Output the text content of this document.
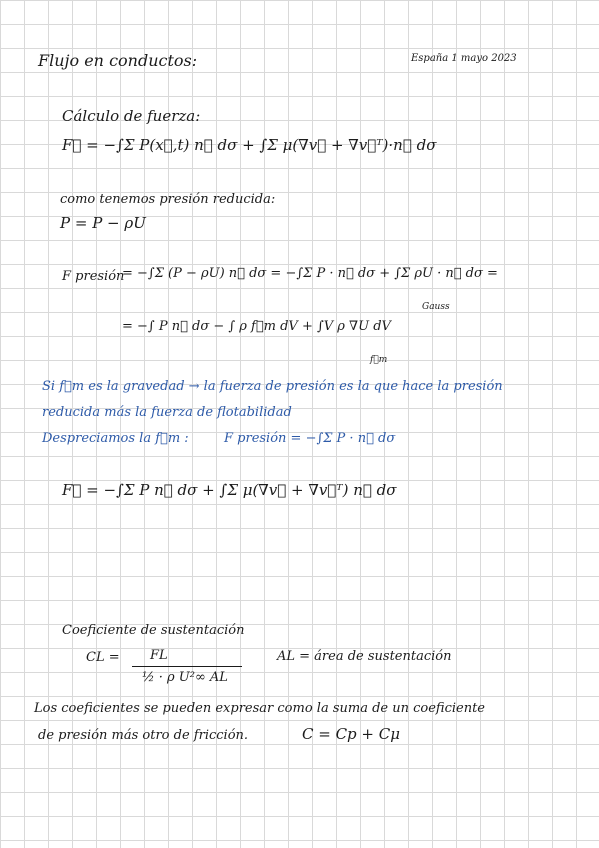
Flujo en conductos:	España 1 mayo 2023
Cálculo de fuerza:
F⃗ = −∫Σ P(x⃗,t) n⃗ dσ + ∫Σ μ(∇v⃗ + ∇v⃗ᵀ)·n⃗ dσ
como tenemos presión reducida:
P = P − ρU
F presión
= −∫Σ (P − ρU) n⃗ dσ = −∫Σ P · n⃗ dσ + ∫Σ ρU · n⃗ dσ =
Gauss
= −∫ P n⃗ dσ − ∫ ρ f⃗m dV + ∫V ρ ∇U dV
f⃗m
Si f⃗m es la gravedad → la fuerza de presión es la que hace la presión
reducida más la fuerza de flotabilidad
Despreciamos la f⃗m :	F presión = −∫Σ P · n⃗ dσ
F⃗ = −∫Σ P n⃗ dσ + ∫Σ μ(∇v⃗ + ∇v⃗ᵀ) n⃗ dσ
Coeficiente de sustentación
CL = FL
½ · ρ U²∞ AL
AL = área de sustentación
Los coeficientes se pueden expresar como la suma de un coeficiente
de presión más otro de fricción.	C = Cp + Cμ
